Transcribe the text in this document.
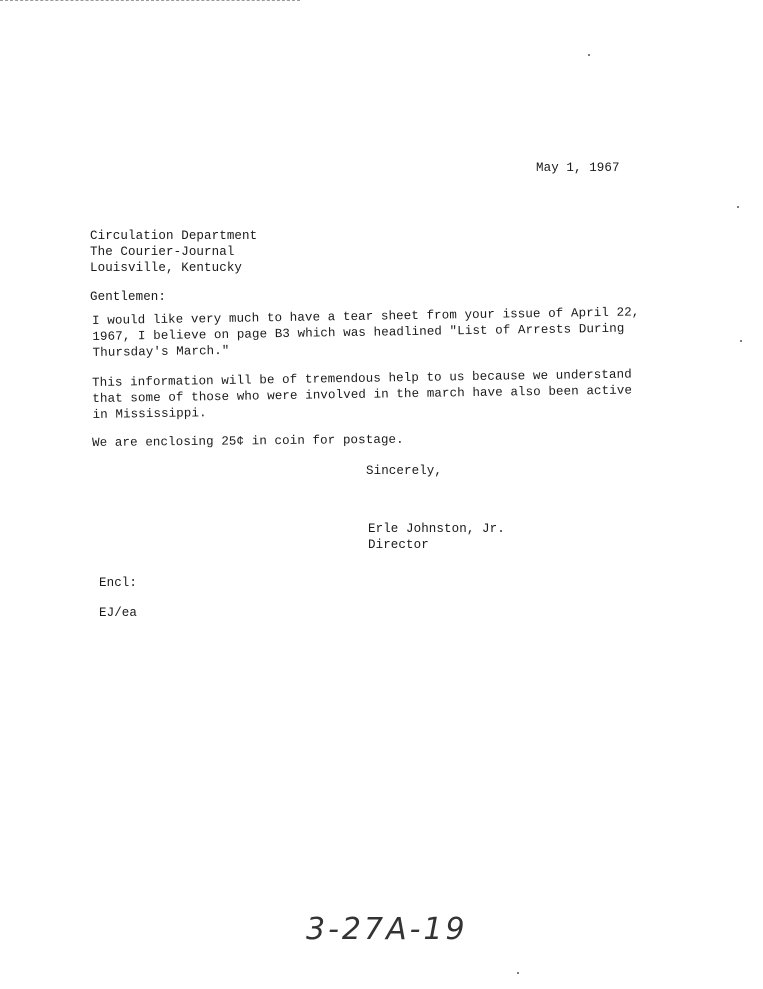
May 1, 1967
Circulation Department
The Courier-Journal
Louisville, Kentucky
Gentlemen:
I would like very much to have a tear sheet from your issue of April 22,
1967, I believe on page B3 which was headlined "List of Arrests During
Thursday's March."
This information will be of tremendous help to us because we understand
that some of those who were involved in the march have also been active
in Mississippi.
We are enclosing 25¢ in coin for postage.
Sincerely,
Erle Johnston, Jr.
Director
Encl:
EJ/ea
3-27A-19
